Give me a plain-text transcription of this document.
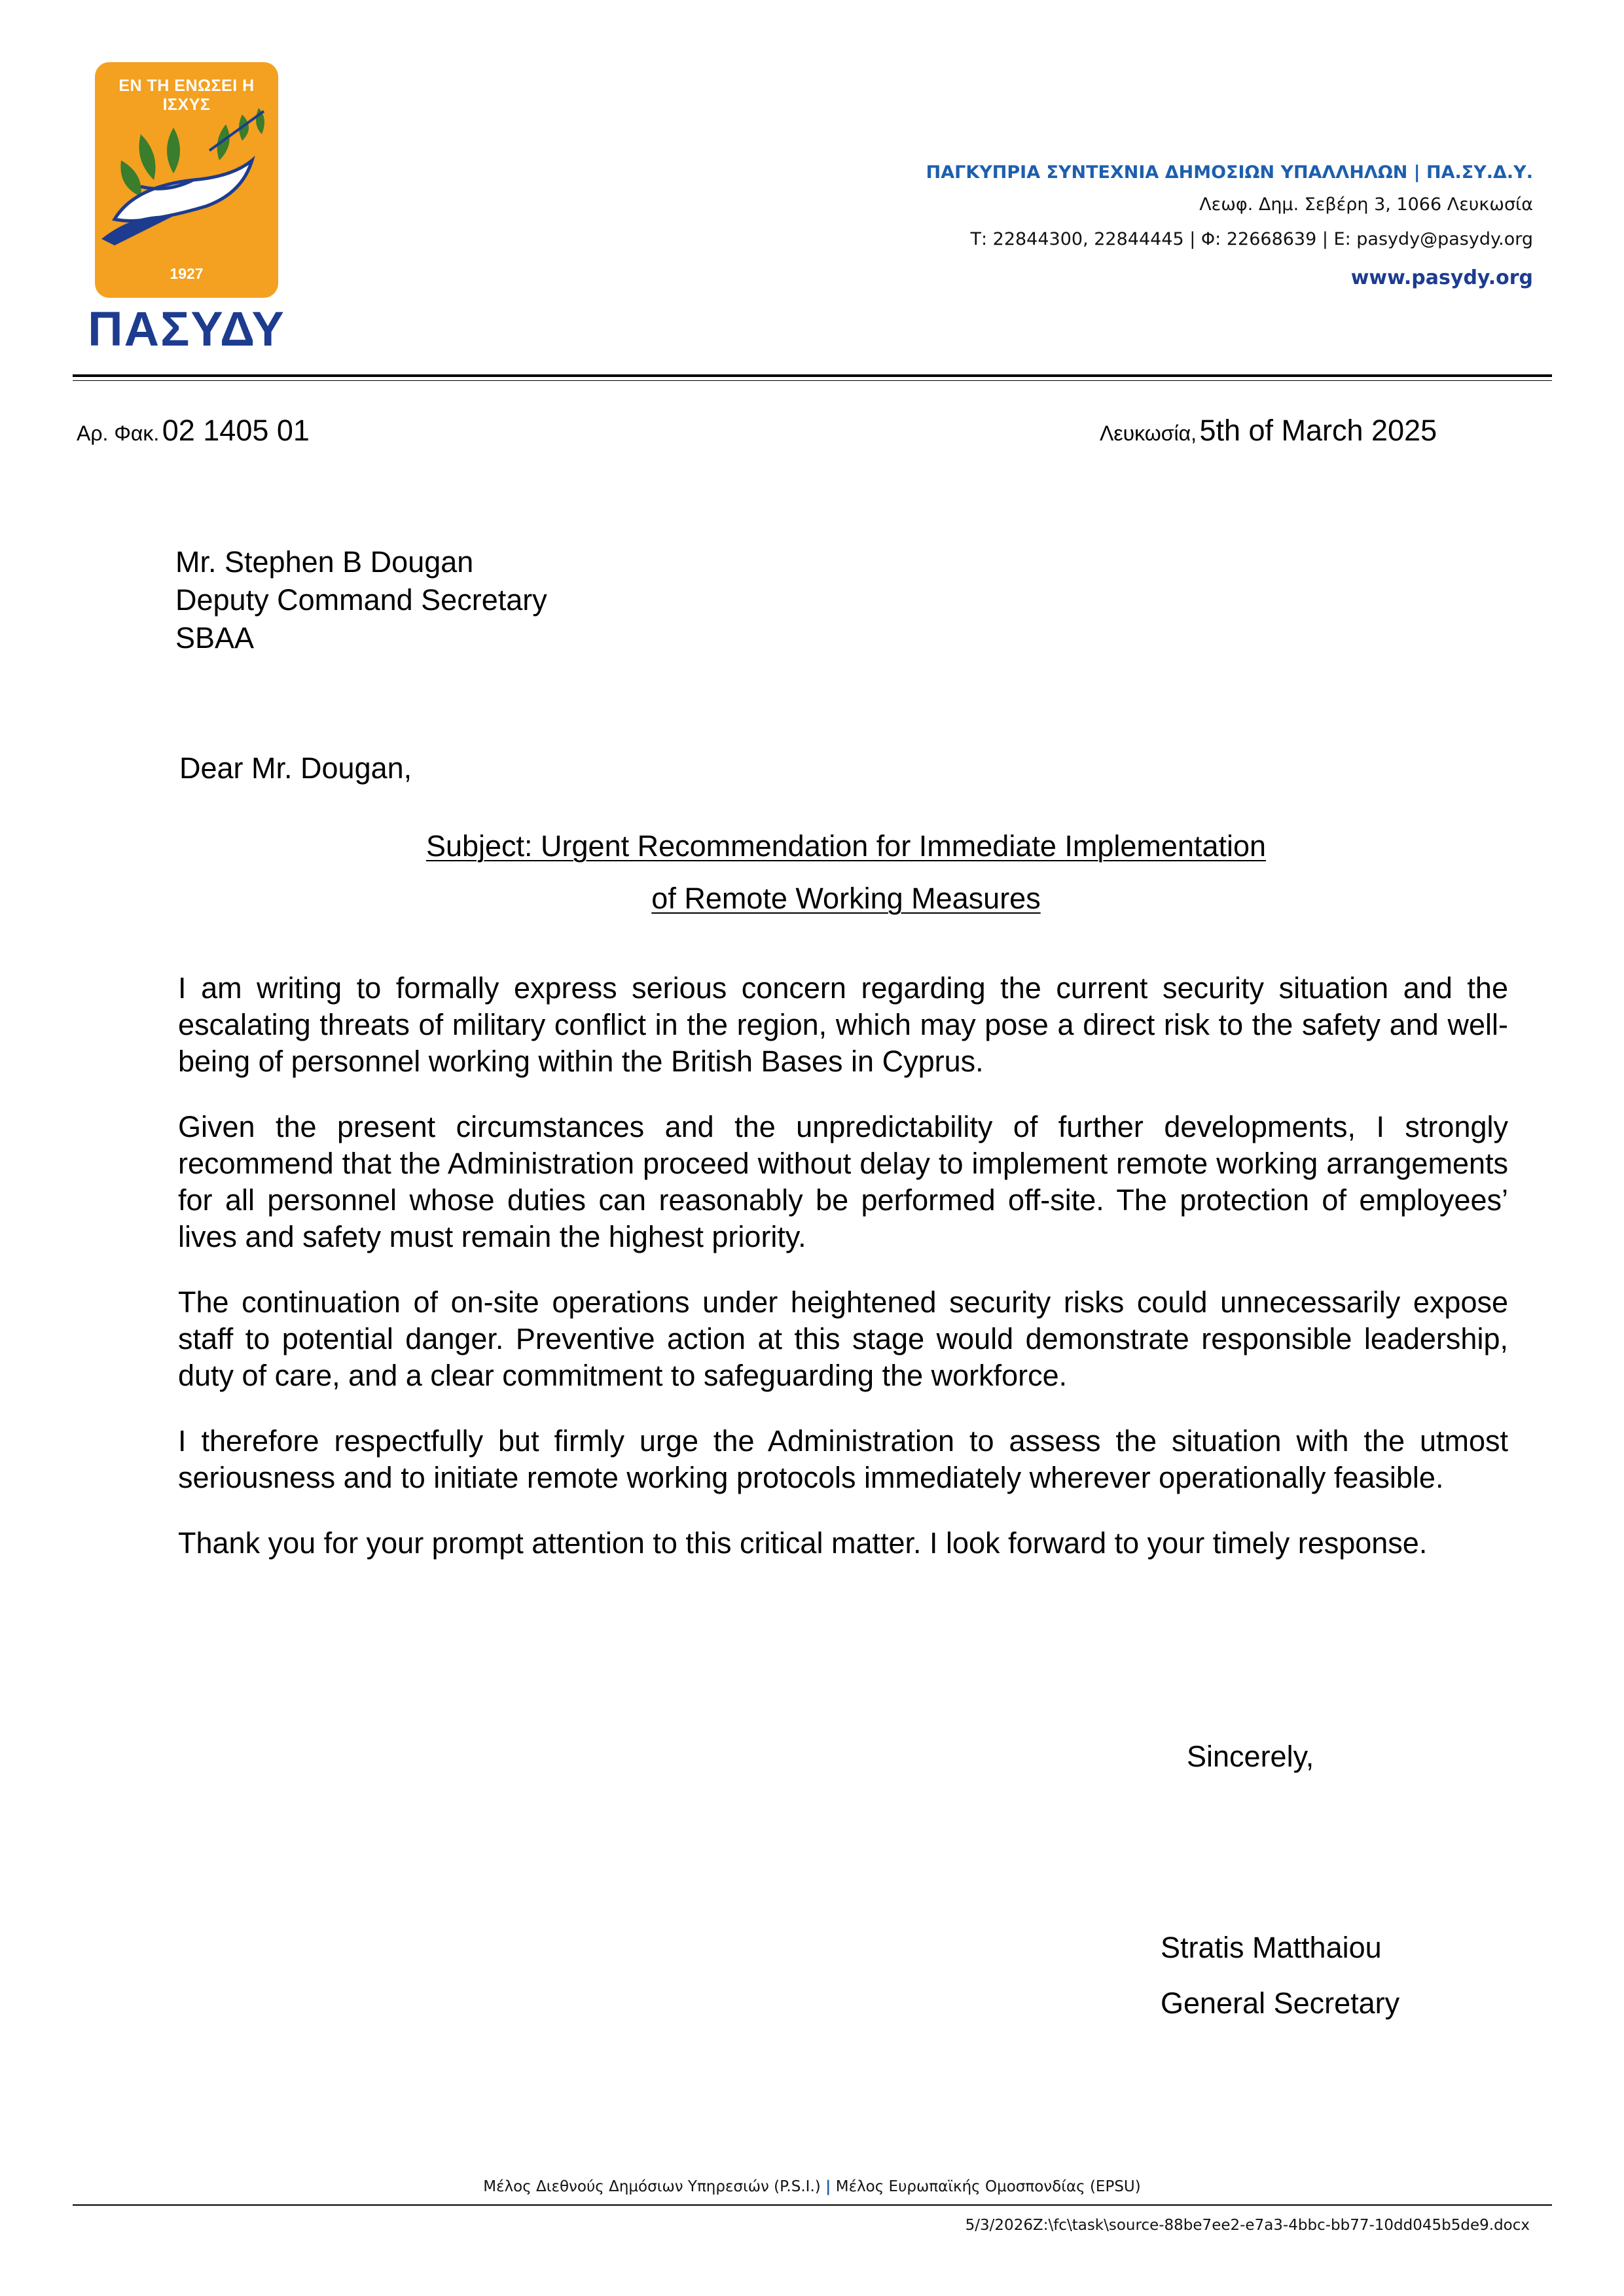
ΕΝ ΤΗ ΕΝΩΣΕΙ Η ΙΣΧΥΣ
1927
ΠΑΣΥΔΥ
ΠΑΓΚΥΠΡΙΑ ΣΥΝΤΕΧΝΙΑ ΔΗΜΟΣΙΩΝ ΥΠΑΛΛΗΛΩΝ | ΠΑ.ΣΥ.Δ.Υ.
Λεωφ. Δημ. Σεβέρη 3, 1066 Λευκωσία
Τ: 22844300, 22844445 | Φ: 22668639 | Ε: pasydy@pasydy.org
www.pasydy.org
Αρ. Φακ. 02 1405 01	Λευκωσία, 5th of March 2025
Mr. Stephen B Dougan
Deputy Command Secretary
SBAA
Dear Mr. Dougan,
Subject: Urgent Recommendation for Immediate Implementation
of Remote Working Measures

I am writing to formally express serious concern regarding the current security situation and the escalating threats of military conflict in the region, which may pose a direct risk to the safety and well-being of personnel working within the British Bases in Cyprus.

Given the present circumstances and the unpredictability of further developments, I strongly recommend that the Administration proceed without delay to implement remote working arrangements for all personnel whose duties can reasonably be performed off-site. The protection of employees’ lives and safety must remain the highest priority.

The continuation of on-site operations under heightened security risks could unnecessarily expose staff to potential danger. Preventive action at this stage would demonstrate responsible leadership, duty of care, and a clear commitment to safeguarding the workforce.

I therefore respectfully but firmly urge the Administration to assess the situation with the utmost seriousness and to initiate remote working protocols immediately wherever operationally feasible.

Thank you for your prompt attention to this critical matter. I look forward to your timely response.

Sincerely,
Stratis Matthaiou
General Secretary
Μέλος Διεθνούς Δημόσιων Υπηρεσιών (P.S.I.) | Μέλος Ευρωπαϊκής Ομοσπονδίας (EPSU)
5/3/2026Z:\fc\task\source-88be7ee2-e7a3-4bbc-bb77-10dd045b5de9.docx
